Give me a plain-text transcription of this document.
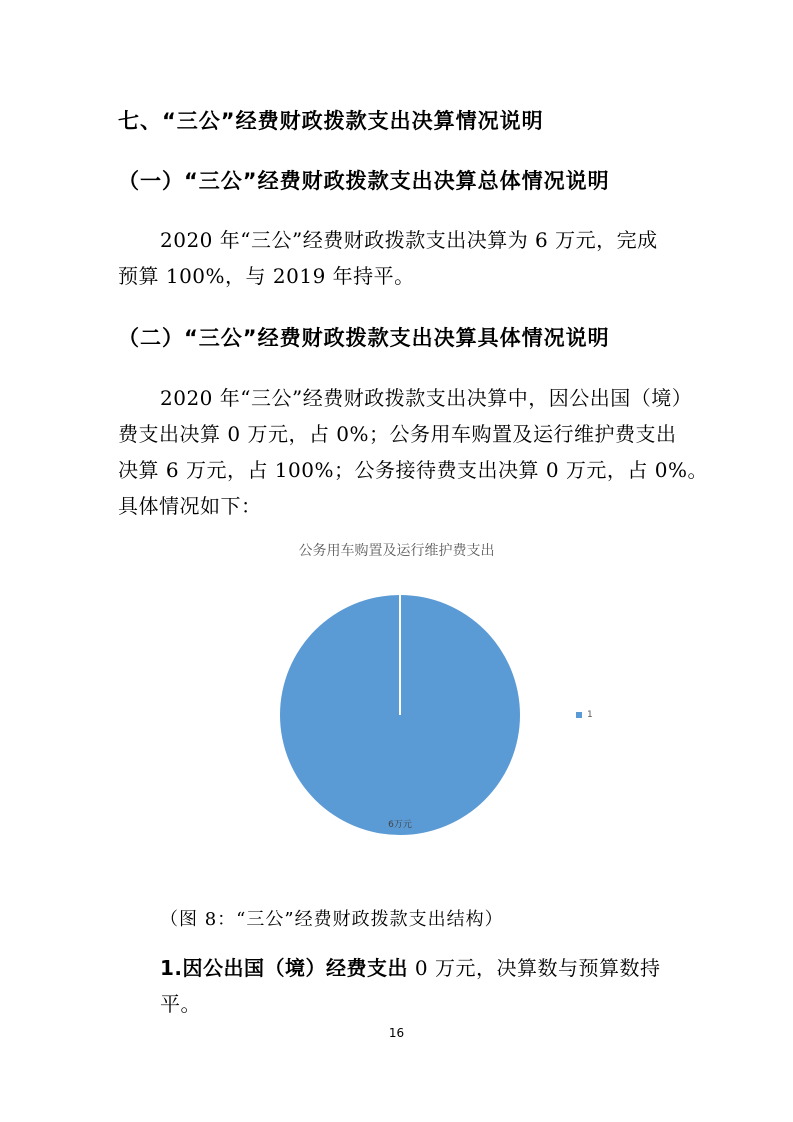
七、“三公”经费财政拨款支出决算情况说明
（一）“三公”经费财政拨款支出决算总体情况说明
2020 年“三公”经费财政拨款支出决算为 6 万元，完成
预算 100%，与 2019 年持平。
（二）“三公”经费财政拨款支出决算具体情况说明
2020 年“三公”经费财政拨款支出决算中，因公出国（境）
费支出决算 0 万元，占 0%；公务用车购置及运行维护费支出
决算 6 万元，占 100%；公务接待费支出决算 0 万元，占 0%。
具体情况如下：
公务用车购置及运行维护费支出
6万元
1
（图 8：“三公”经费财政拨款支出结构）
1.因公出国（境）经费支出 0 万元，决算数与预算数持
平。
16
